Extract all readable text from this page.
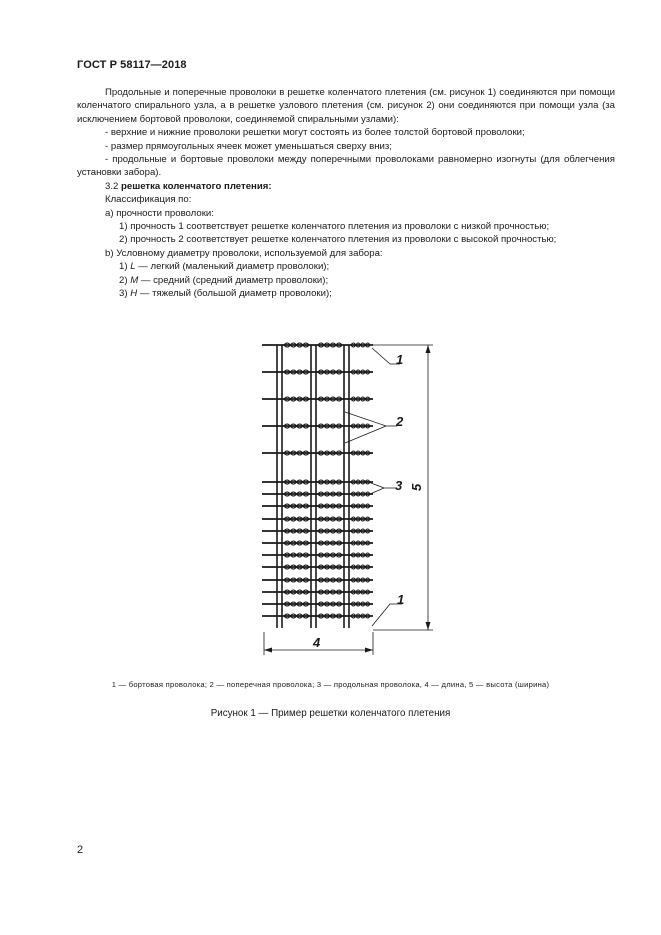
ГОСТ Р 58117—2018

Продольные и поперечные проволоки в решетке коленчатого плетения (см. рисунок 1) соединяются при помощи коленчатого спирального узла, а в решетке узлового плетения (см. рисунок 2) они соединяются при помощи узла (за исключением бортовой проволоки, соединяемой спиральными узлами):

- верхние и нижние проволоки решетки могут состоять из более толстой бортовой проволоки;

- размер прямоугольных ячеек может уменьшаться сверху вниз;

- продольные и бортовые проволоки между поперечными проволоками равномерно изогнуты (для облегчения установки забора).

3.2 решетка коленчатого плетения:

Классификация по:

а) прочности проволоки:

1) прочность 1 соответствует решетке коленчатого плетения из проволоки с низкой прочностью;

2) прочность 2 соответствует решетке коленчатого плетения из проволоки с высокой прочностью;

b) Условному диаметру проволоки, используемой для забора:

1) L — легкий (маленький диаметр проволоки);

2) M — средний (средний диаметр проволоки);

3) H — тяжелый (большой диаметр проволоки);

1
2
3
1
4
5
1 — бортовая проволока; 2 — поперечная проволока; 3 — продольная проволока, 4 — длина, 5 — высота (ширина)
Рисунок 1 — Пример решетки коленчатого плетения
2
